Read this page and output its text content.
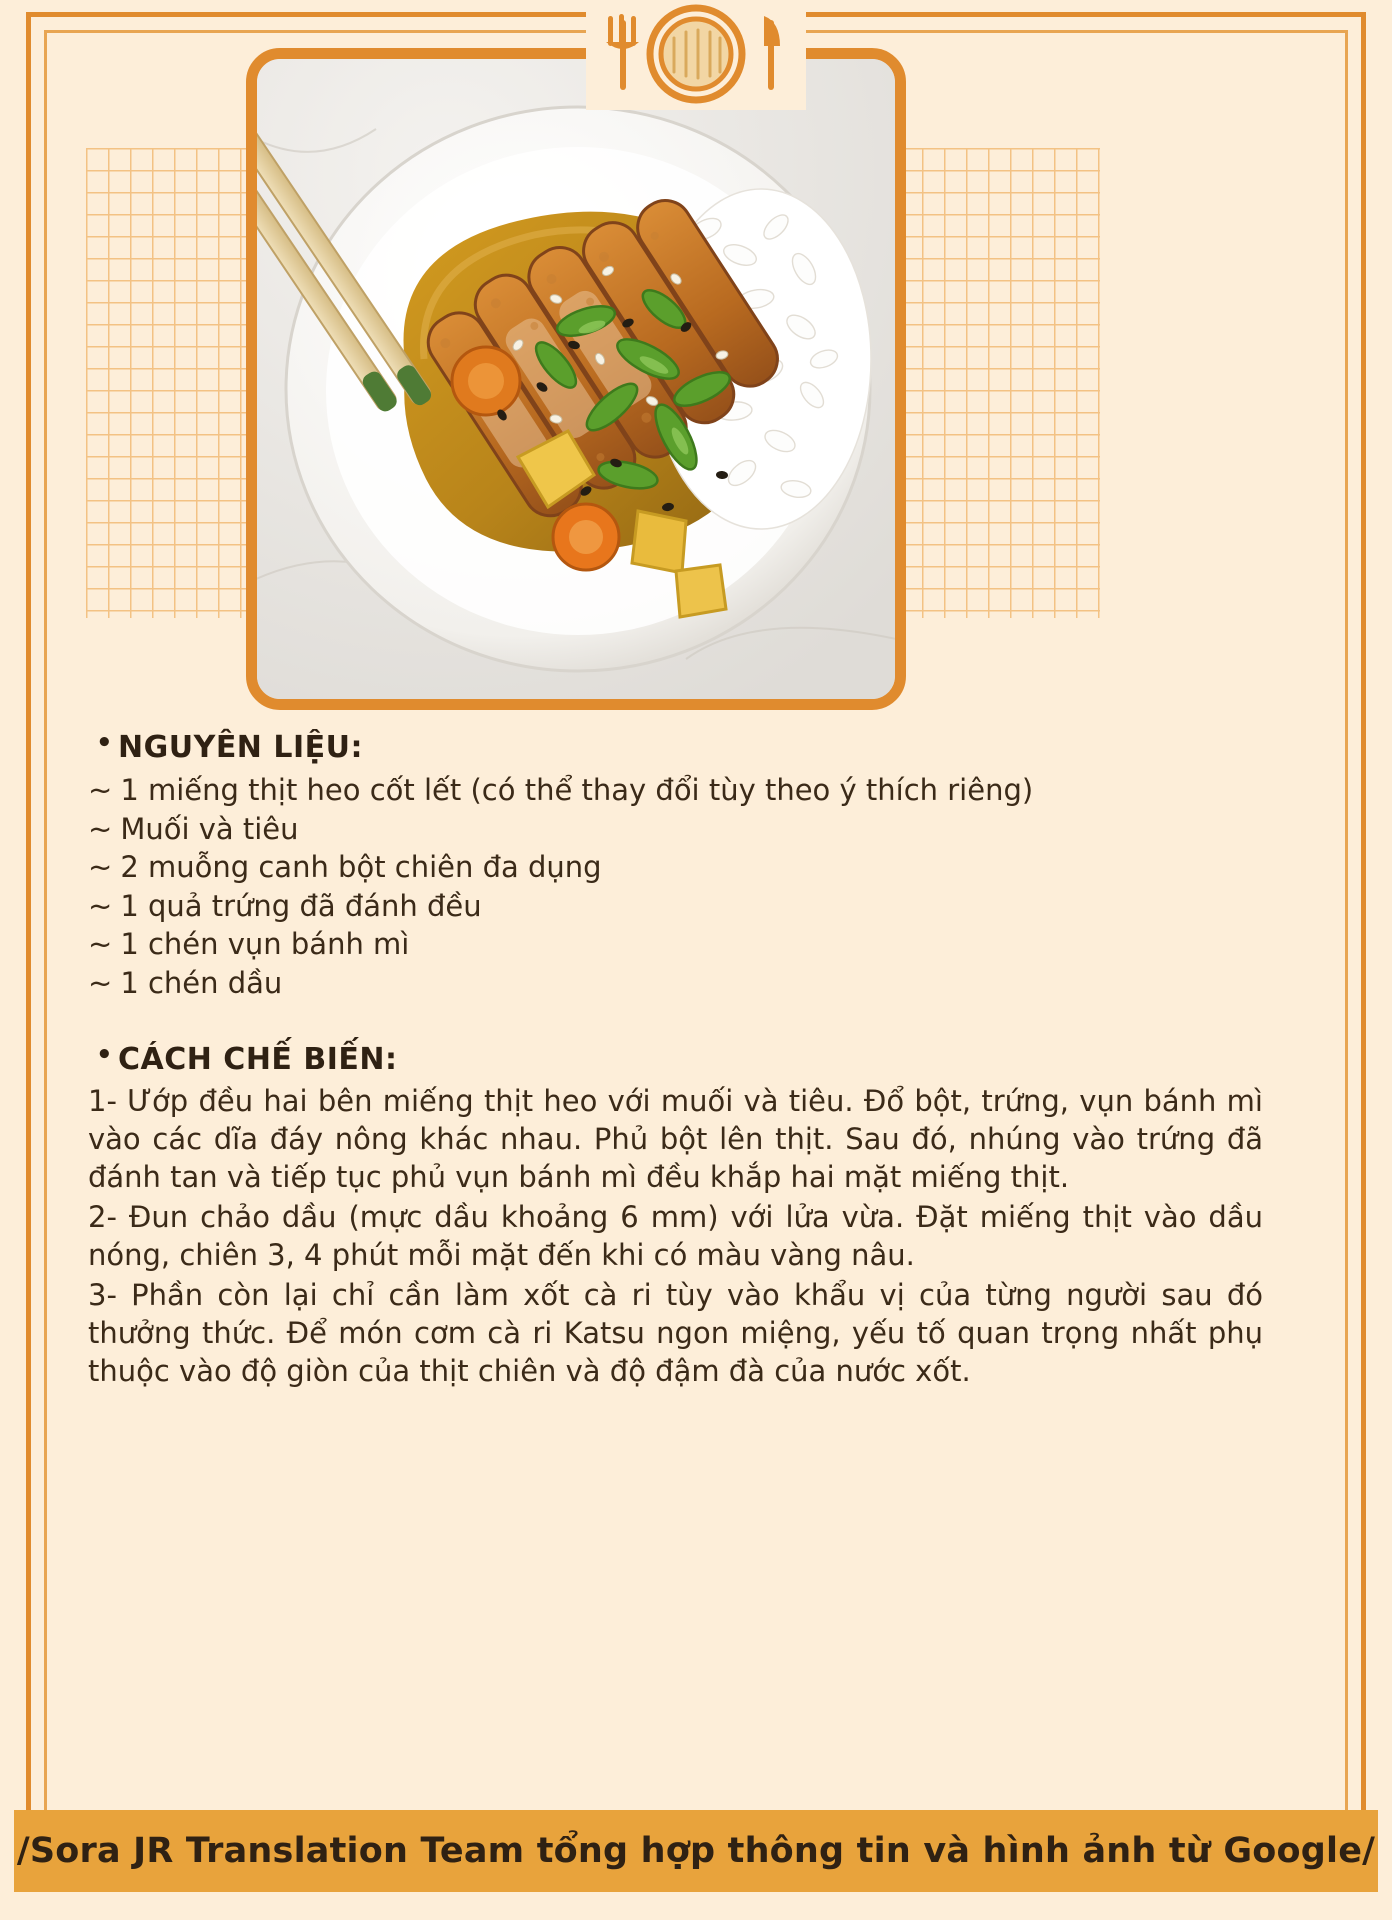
• NGUYÊN LIỆU:
~ 1 miếng thịt heo cốt lết (có thể thay đổi tùy theo ý thích riêng)
~ Muối và tiêu
~ 2 muỗng canh bột chiên đa dụng
~ 1 quả trứng đã đánh đều
~ 1 chén vụn bánh mì
~ 1 chén dầu
• CÁCH CHẾ BIẾN:

1- Ướp đều hai bên miếng thịt heo với muối và tiêu. Đổ bột, trứng, vụn bánh mì vào các dĩa đáy nông khác nhau. Phủ bột lên thịt. Sau đó, nhúng vào trứng đã đánh tan và tiếp tục phủ vụn bánh mì đều khắp hai mặt miếng thịt.

2- Đun chảo dầu (mực dầu khoảng 6 mm) với lửa vừa. Đặt miếng thịt vào dầu nóng, chiên 3, 4 phút mỗi mặt đến khi có màu vàng nâu.

3- Phần còn lại chỉ cần làm xốt cà ri tùy vào khẩu vị của từng người sau đó thưởng thức. Để món cơm cà ri Katsu ngon miệng, yếu tố quan trọng nhất phụ thuộc vào độ giòn của thịt chiên và độ đậm đà của nước xốt.

/Sora JR Translation Team tổng hợp thông tin và hình ảnh từ Google/
